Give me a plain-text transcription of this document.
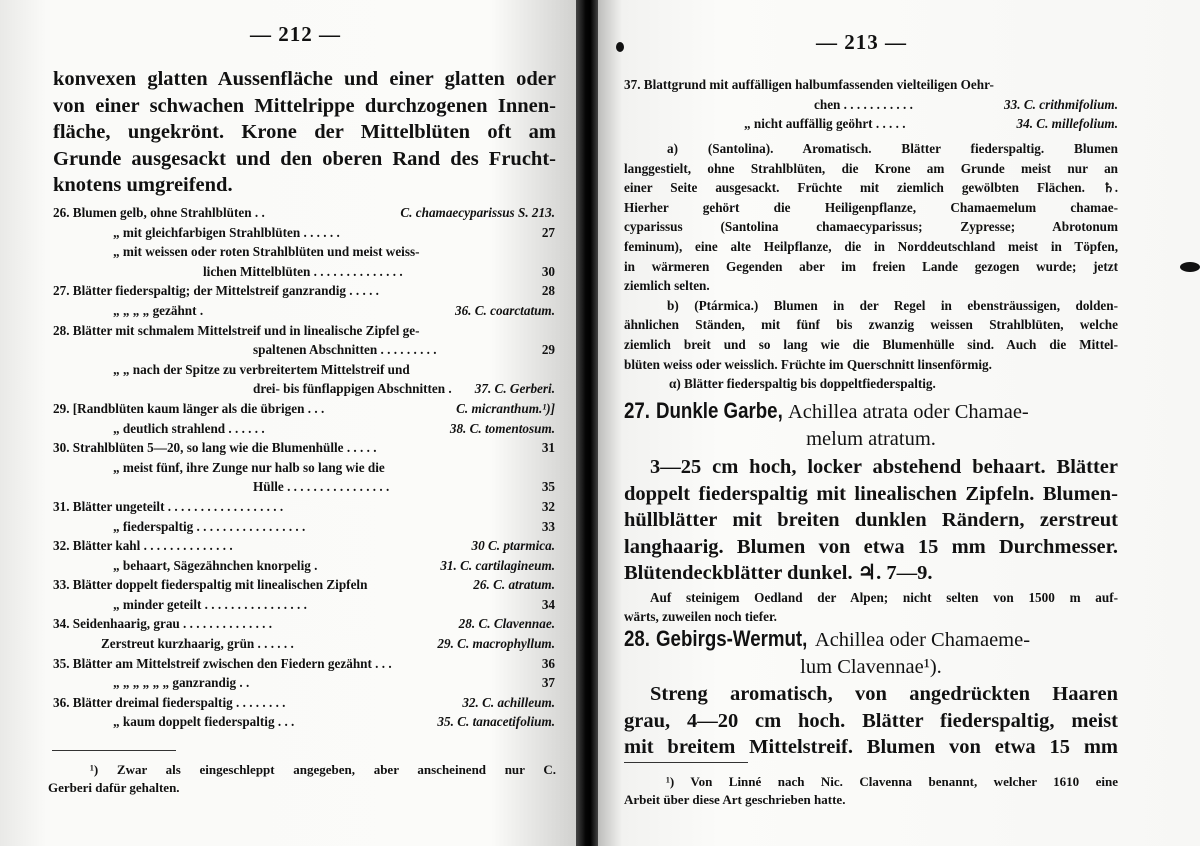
— 212 —
konvexen glatten Aussenfläche und einer glatten oder
von einer schwachen Mittelrippe durchzogenen Innen-
fläche, ungekrönt. Krone der Mittelblüten oft am
Grunde ausgesackt und den oberen Rand des Frucht-
knotens umgreifend.
26. Blumen gelb, ohne Strahlblüten . .	C. chamaecyparissus S. 213.
„ mit gleichfarbigen Strahlblüten . . . . . .	27
„ mit weissen oder roten Strahlblüten und meist weiss-
lichen Mittelblüten . . . . . . . . . . . . . .	30
27. Blätter fiederspaltig; der Mittelstreif ganzrandig . . . . .	28
„ „ „ „ gezähnt .	36. C. coarctatum.
28. Blätter mit schmalem Mittelstreif und in linealische Zipfel ge-
spaltenen Abschnitten . . . . . . . . .	29
„ „ nach der Spitze zu verbreitertem Mittelstreif und
drei- bis fünflappigen Abschnitten . 37. C. Gerberi.
29. [Randblüten kaum länger als die übrigen . . .	C. micranthum.¹)]
„ deutlich strahlend . . . . . .	38. C. tomentosum.
30. Strahlblüten 5—20, so lang wie die Blumenhülle . . . . .	31
„ meist fünf, ihre Zunge nur halb so lang wie die
Hülle . . . . . . . . . . . . . . . .	35
31. Blätter ungeteilt . . . . . . . . . . . . . . . . . .	32
„ fiederspaltig . . . . . . . . . . . . . . . . .	33
32. Blätter kahl . . . . . . . . . . . . . .	30 C. ptarmica.
„ behaart, Sägezähnchen knorpelig .	31. C. cartilagineum.
33. Blätter doppelt fiederspaltig mit linealischen Zipfeln	26. C. atratum.
„ minder geteilt . . . . . . . . . . . . . . . .	34
34. Seidenhaarig, grau . . . . . . . . . . . . . .	28. C. Clavennae.
Zerstreut kurzhaarig, grün . . . . . .	29. C. macrophyllum.
35. Blätter am Mittelstreif zwischen den Fiedern gezähnt . . .	36
„ „ „ „ „ „ ganzrandig . .	37
36. Blätter dreimal fiederspaltig . . . . . . . .	32. C. achilleum.
„ kaum doppelt fiederspaltig . . .	35. C. tanacetifolium.
¹) Zwar als eingeschleppt angegeben, aber anscheinend nur C.
Gerberi dafür gehalten.
— 213 —
37. Blattgrund mit auffälligen halbumfassenden vielteiligen Oehr-
chen . . . . . . . . . . .	33. C. crithmifolium.
„ nicht auffällig geöhrt . . . . .	34. C. millefolium.
a) (Santolina). Aromatisch. Blätter fiederspaltig. Blumen
langgestielt, ohne Strahlblüten, die Krone am Grunde meist nur an
einer Seite ausgesackt. Früchte mit ziemlich gewölbten Flächen. ♄.
Hierher gehört die Heiligenpflanze, Chamaemelum chamae-
cyparissus (Santolina chamaecyparissus; Zypresse; Abrotonum
feminum), eine alte Heilpflanze, die in Norddeutschland meist in Töpfen,
in wärmeren Gegenden aber im freien Lande gezogen wurde; jetzt
ziemlich selten.
b) (Ptármica.) Blumen in der Regel in ebensträussigen, dolden-
ähnlichen Ständen, mit fünf bis zwanzig weissen Strahlblüten, welche
ziemlich breit und so lang wie die Blumenhülle sind. Auch die Mittel-
blüten weiss oder weisslich. Früchte im Querschnitt linsenförmig.
α) Blätter fiederspaltig bis doppeltfiederspaltig.
27. Dunkle Garbe, Achillea atrata oder Chamae-
melum atratum.
3—25 cm hoch, locker abstehend behaart. Blätter
doppelt fiederspaltig mit linealischen Zipfeln. Blumen-
hüllblätter mit breiten dunklen Rändern, zerstreut
langhaarig. Blumen von etwa 15 mm Durchmesser.
Blütendeckblätter dunkel. ♃. 7—9.
Auf steinigem Oedland der Alpen; nicht selten von 1500 m auf-
wärts, zuweilen noch tiefer.
28. Gebirgs-Wermut, Achillea oder Chamaeme-
lum Clavennae¹).
Streng aromatisch, von angedrückten Haaren
grau, 4—20 cm hoch. Blätter fiederspaltig, meist
mit breitem Mittelstreif. Blumen von etwa 15 mm
¹) Von Linné nach Nic. Clavenna benannt, welcher 1610 eine
Arbeit über diese Art geschrieben hatte.
